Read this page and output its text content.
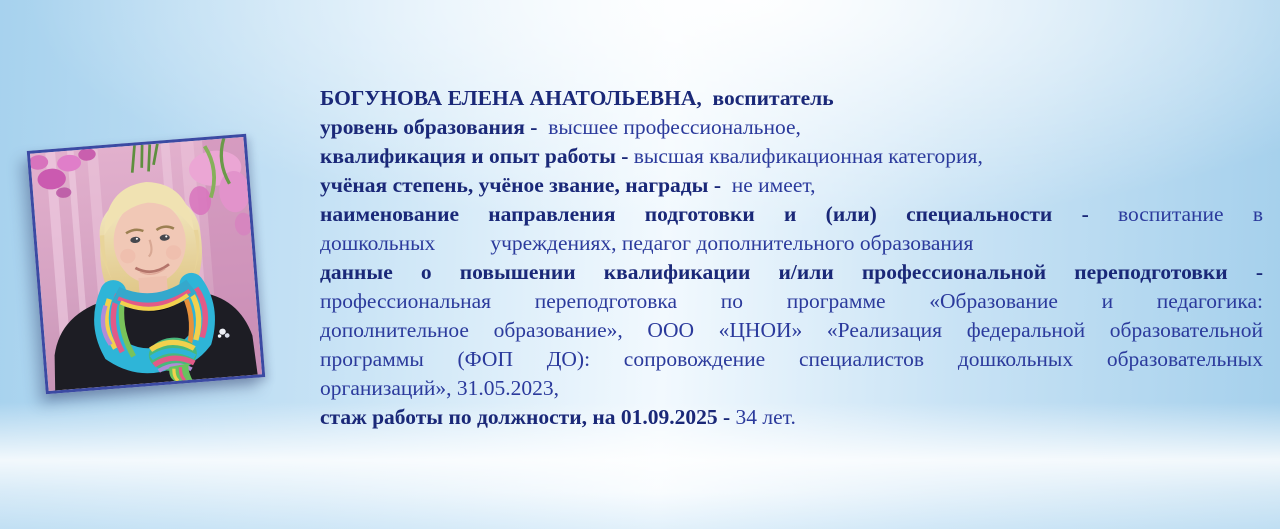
БОГУНОВА ЕЛЕНА АНАТОЛЬЕВНА,  воспитатель
уровень образования -  высшее профессиональное,
квалификация и опыт работы - высшая квалификационная категория,
учёная степень, учёное звание, награды -  не имеет,
наименование направления подготовки и (или) специальности - воспитание в
дошкольных	учреждениях, педагог дополнительного образования
данные о повышении квалификации и/или профессиональной переподготовки -
профессиональная переподготовка по программе «Образование и педагогика:
дополнительное образование», ООО «ЦНОИ» «Реализация федеральной образовательной
программы (ФОП ДО): сопровождение специалистов дошкольных образовательных
организаций», 31.05.2023,
стаж работы по должности, на 01.09.2025 - 34 лет.
